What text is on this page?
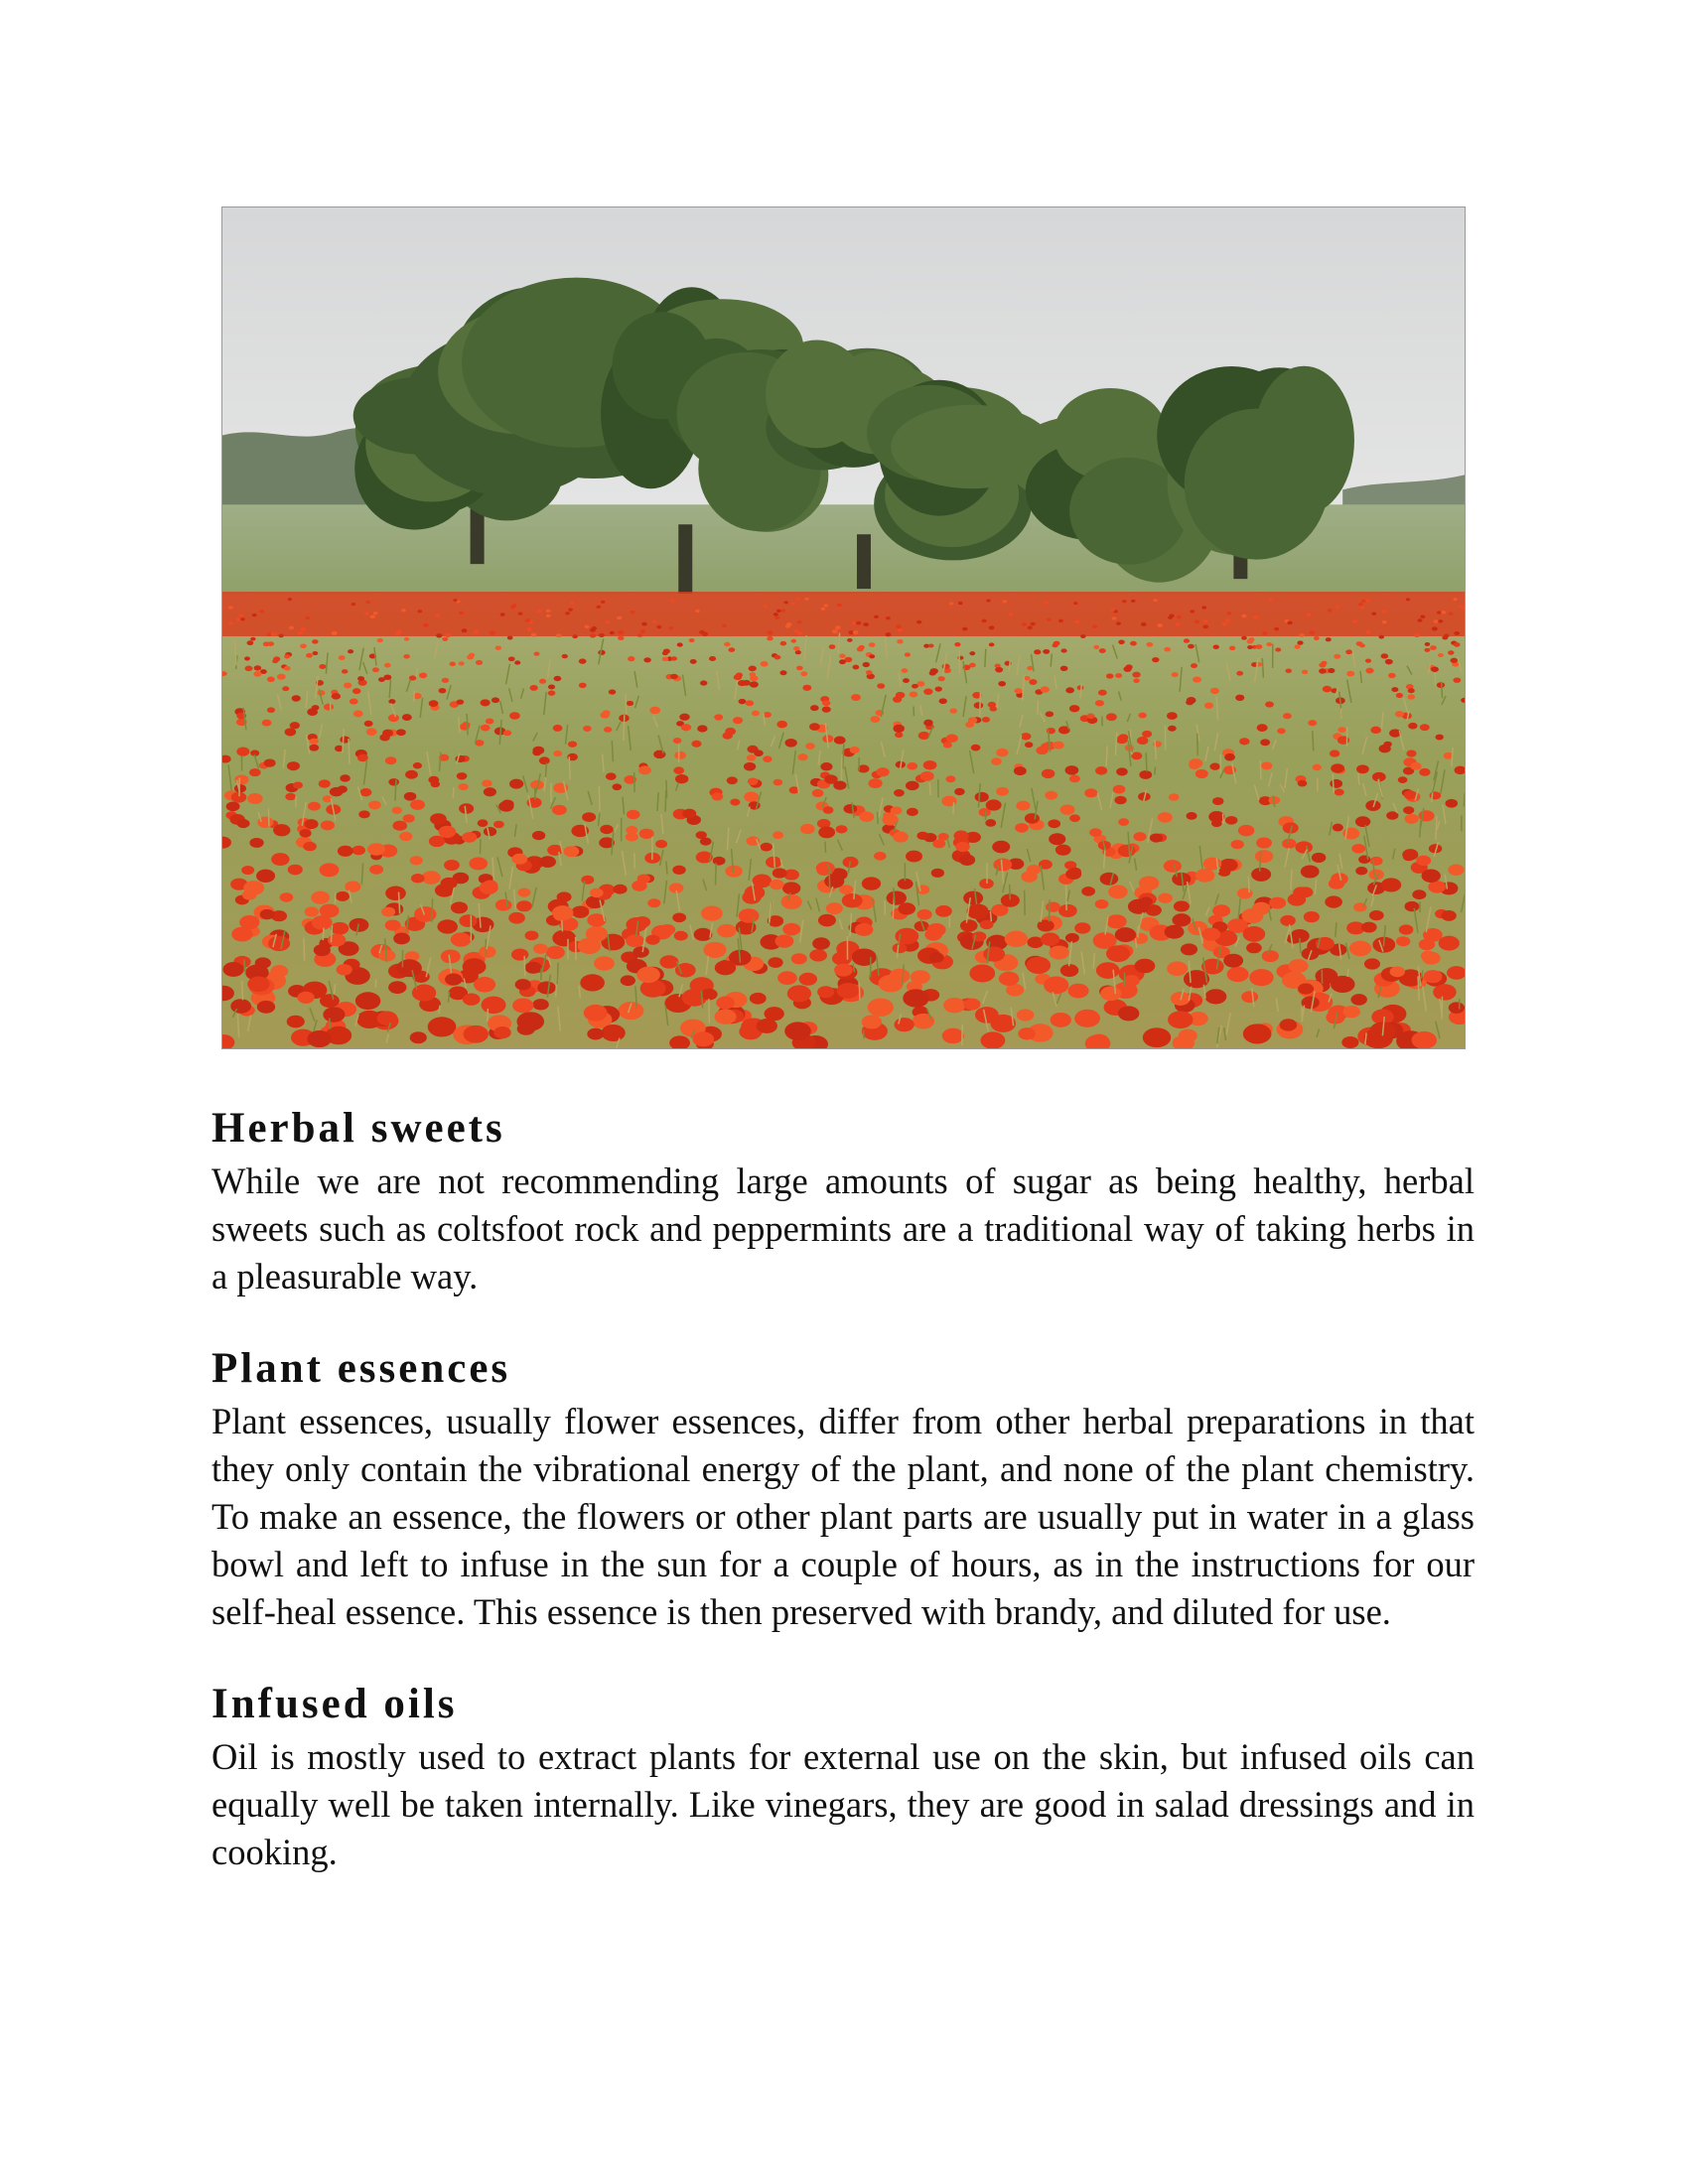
Herbal sweets

While we are not recommending large amounts of sugar as being healthy, herbal sweets such as coltsfoot rock and peppermints are a traditional way of taking herbs in a pleasurable way.

Plant essences

Plant essences, usually flower essences, differ from other herbal preparations in that they only contain the vibrational energy of the plant, and none of the plant chemistry. To make an essence, the flowers or other plant parts are usually put in water in a glass bowl and left to infuse in the sun for a couple of hours, as in the instructions for our self-heal essence. This essence is then preserved with brandy, and diluted for use.

Infused oils

Oil is mostly used to extract plants for external use on the skin, but infused oils can equally well be taken internally. Like vinegars, they are good in salad dressings and in cooking.
